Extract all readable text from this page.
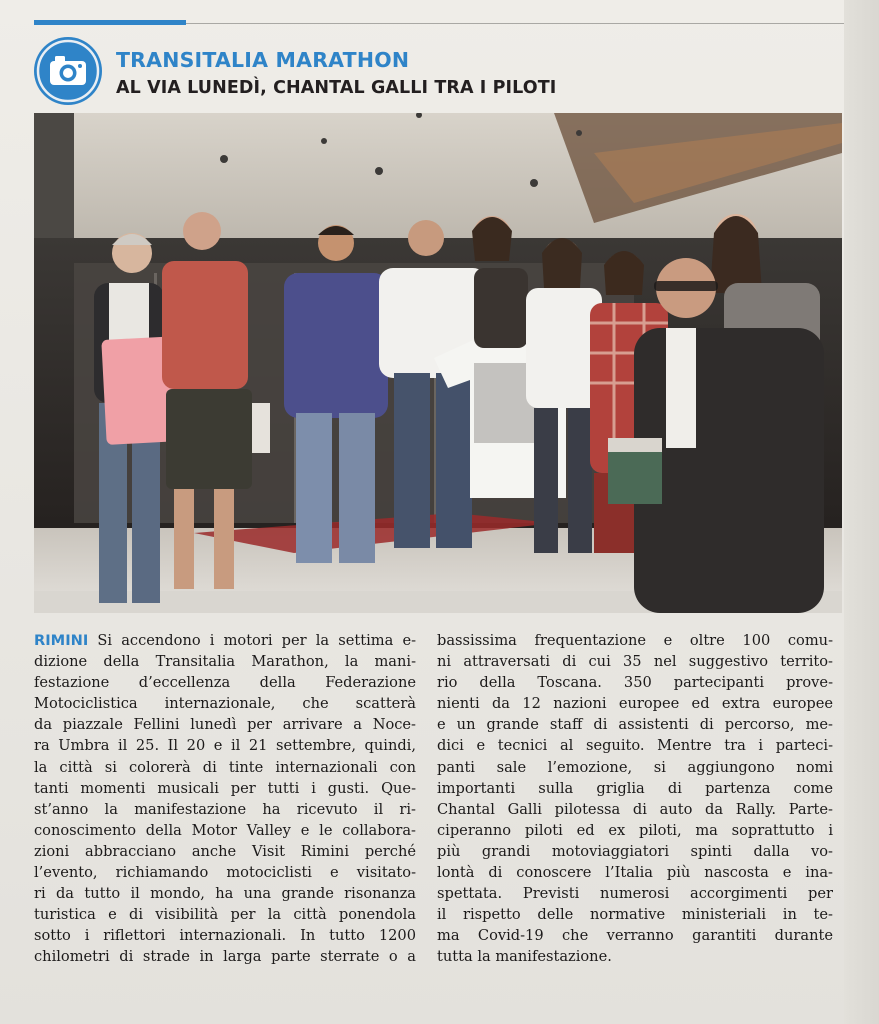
TRANSITALIA MARATHON
AL VIA LUNEDÌ, CHANTAL GALLI TRA I PILOTI

RIMINI Si accendono i motori per la settima e-
dizione della Transitalia Marathon, la mani-
festazione d’eccellenza della Federazione
Motociclistica internazionale, che scatterà
da piazzale Fellini lunedì per arrivare a Noce-
ra Umbra il 25. Il 20 e il 21 settembre, quindi,
la città si colorerà di tinte internazionali con
tanti momenti musicali per tutti i gusti. Que-
st’anno la manifestazione ha ricevuto il ri-
conoscimento della Motor Valley e le collabora-
zioni abbracciano anche Visit Rimini perché
l’evento, richiamando motociclisti e visitato-
ri da tutto il mondo, ha una grande risonanza
turistica e di visibilità per la città ponendola
sotto i riflettori internazionali. In tutto 1200
chilometri di strade in larga parte sterrate o a

bassissima frequentazione e oltre 100 comu-
ni attraversati di cui 35 nel suggestivo territo-
rio della Toscana. 350 partecipanti prove-
nienti da 12 nazioni europee ed extra europee
e un grande staff di assistenti di percorso, me-
dici e tecnici al seguito. Mentre tra i parteci-
panti sale l’emozione, si aggiungono nomi
importanti sulla griglia di partenza come
Chantal Galli pilotessa di auto da Rally. Parte-
ciperanno piloti ed ex piloti, ma soprattutto i
più grandi motoviaggiatori spinti dalla vo-
lontà di conoscere l’Italia più nascosta e ina-
spettata. Previsti numerosi accorgimenti per
il rispetto delle normative ministeriali in te-
ma Covid-19 che verranno garantiti durante
tutta la manifestazione.
